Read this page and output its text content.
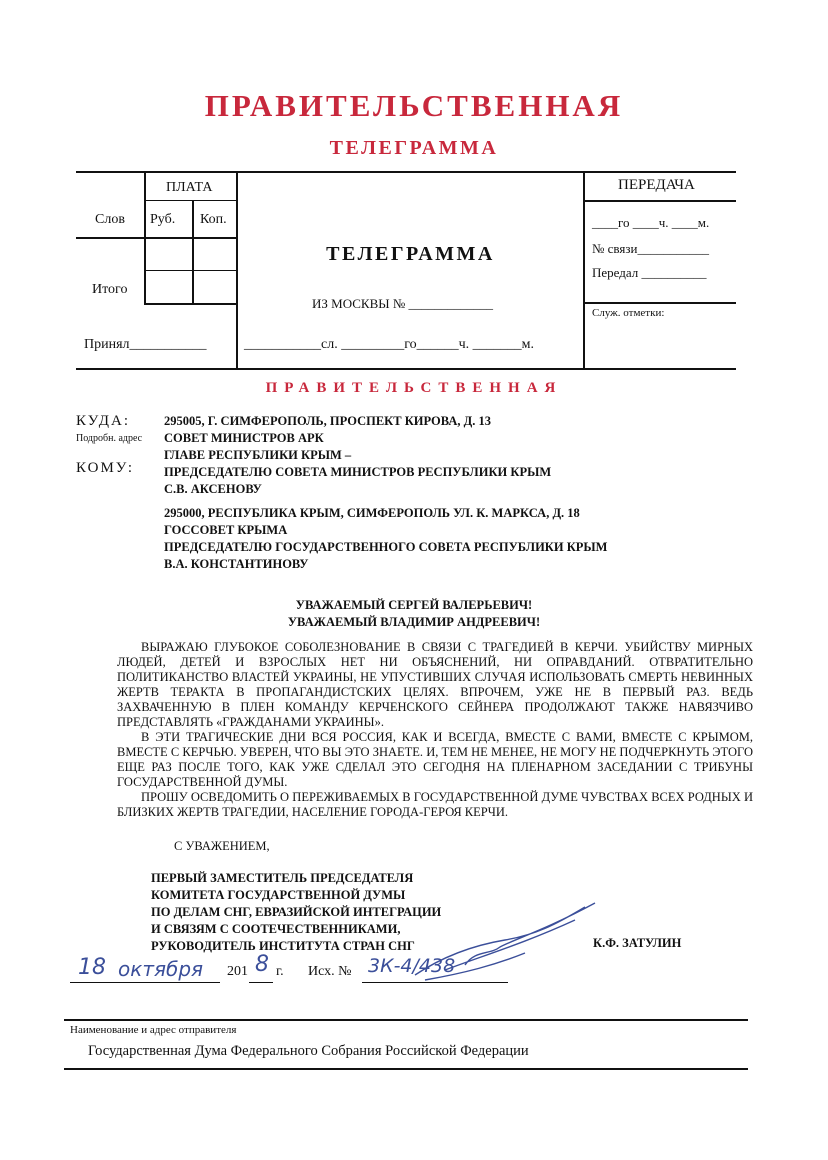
ПРАВИТЕЛЬСТВЕННАЯ
ТЕЛЕГРАММА
ПЛАТА
Слов Руб. Коп.
Итого
Принял___________
ТЕЛЕГРАММА
ИЗ МОСКВЫ № _____________
___________сл. _________го______ч. _______м.
ПЕРЕДАЧА
____го ____ч. ____м.
№ связи___________
Передал __________
Служ. отметки:
ПРАВИТЕЛЬСТВЕННАЯ
КУДА:
Подробн. адрес
КОМУ:
295005, Г. СИМФЕРОПОЛЬ, ПРОСПЕКТ КИРОВА, Д. 13
СОВЕТ МИНИСТРОВ АРК
ГЛАВЕ РЕСПУБЛИКИ КРЫМ –
ПРЕДСЕДАТЕЛЮ СОВЕТА МИНИСТРОВ РЕСПУБЛИКИ КРЫМ
С.В. АКСЕНОВУ
295000, РЕСПУБЛИКА КРЫМ, СИМФЕРОПОЛЬ УЛ. К. МАРКСА, Д. 18
ГОССОВЕТ КРЫМА
ПРЕДСЕДАТЕЛЮ ГОСУДАРСТВЕННОГО СОВЕТА РЕСПУБЛИКИ КРЫМ
В.А. КОНСТАНТИНОВУ
УВАЖАЕМЫЙ СЕРГЕЙ ВАЛЕРЬЕВИЧ!
УВАЖАЕМЫЙ ВЛАДИМИР АНДРЕЕВИЧ!

ВЫРАЖАЮ ГЛУБОКОЕ СОБОЛЕЗНОВАНИЕ В СВЯЗИ С ТРАГЕДИЕЙ В КЕРЧИ. УБИЙСТВУ МИРНЫХ ЛЮДЕЙ, ДЕТЕЙ И ВЗРОСЛЫХ НЕТ НИ ОБЪЯСНЕНИЙ, НИ ОПРАВДАНИЙ. ОТВРАТИТЕЛЬНО ПОЛИТИКАНСТВО ВЛАСТЕЙ УКРАИНЫ, НЕ УПУСТИВШИХ СЛУЧАЯ ИСПОЛЬЗОВАТЬ СМЕРТЬ НЕВИННЫХ ЖЕРТВ ТЕРАКТА В ПРОПАГАНДИСТСКИХ ЦЕЛЯХ. ВПРОЧЕМ, УЖЕ НЕ В ПЕРВЫЙ РАЗ. ВЕДЬ ЗАХВАЧЕННУЮ В ПЛЕН КОМАНДУ КЕРЧЕНСКОГО СЕЙНЕРА ПРОДОЛЖАЮТ ТАКЖЕ НАВЯЗЧИВО ПРЕДСТАВЛЯТЬ «ГРАЖДАНАМИ УКРАИНЫ».

В ЭТИ ТРАГИЧЕСКИЕ ДНИ ВСЯ РОССИЯ, КАК И ВСЕГДА, ВМЕСТЕ С ВАМИ, ВМЕСТЕ С КРЫМОМ, ВМЕСТЕ С КЕРЧЬЮ. УВЕРЕН, ЧТО ВЫ ЭТО ЗНАЕТЕ. И, ТЕМ НЕ МЕНЕЕ, НЕ МОГУ НЕ ПОДЧЕРКНУТЬ ЭТОГО ЕЩЕ РАЗ ПОСЛЕ ТОГО, КАК УЖЕ СДЕЛАЛ ЭТО СЕГОДНЯ НА ПЛЕНАРНОМ ЗАСЕДАНИИ С ТРИБУНЫ ГОСУДАРСТВЕННОЙ ДУМЫ.

ПРОШУ ОСВЕДОМИТЬ О ПЕРЕЖИВАЕМЫХ В ГОСУДАРСТВЕННОЙ ДУМЕ ЧУВСТВАХ ВСЕХ РОДНЫХ И БЛИЗКИХ ЖЕРТВ ТРАГЕДИИ, НАСЕЛЕНИЕ ГОРОДА-ГЕРОЯ КЕРЧИ.

С УВАЖЕНИЕМ,
ПЕРВЫЙ ЗАМЕСТИТЕЛЬ ПРЕДСЕДАТЕЛЯ
КОМИТЕТА ГОСУДАРСТВЕННОЙ ДУМЫ
ПО ДЕЛАМ СНГ, ЕВРАЗИЙСКОЙ ИНТЕГРАЦИИ
И СВЯЗЯМ С СООТЕЧЕСТВЕННИКАМИ,
РУКОВОДИТЕЛЬ ИНСТИТУТА СТРАН СНГ	К.Ф. ЗАТУЛИН
18 октября 201 8 г. Исх. № 3К-4/438
Наименование и адрес отправителя
Государственная Дума Федерального Собрания Российской Федерации
